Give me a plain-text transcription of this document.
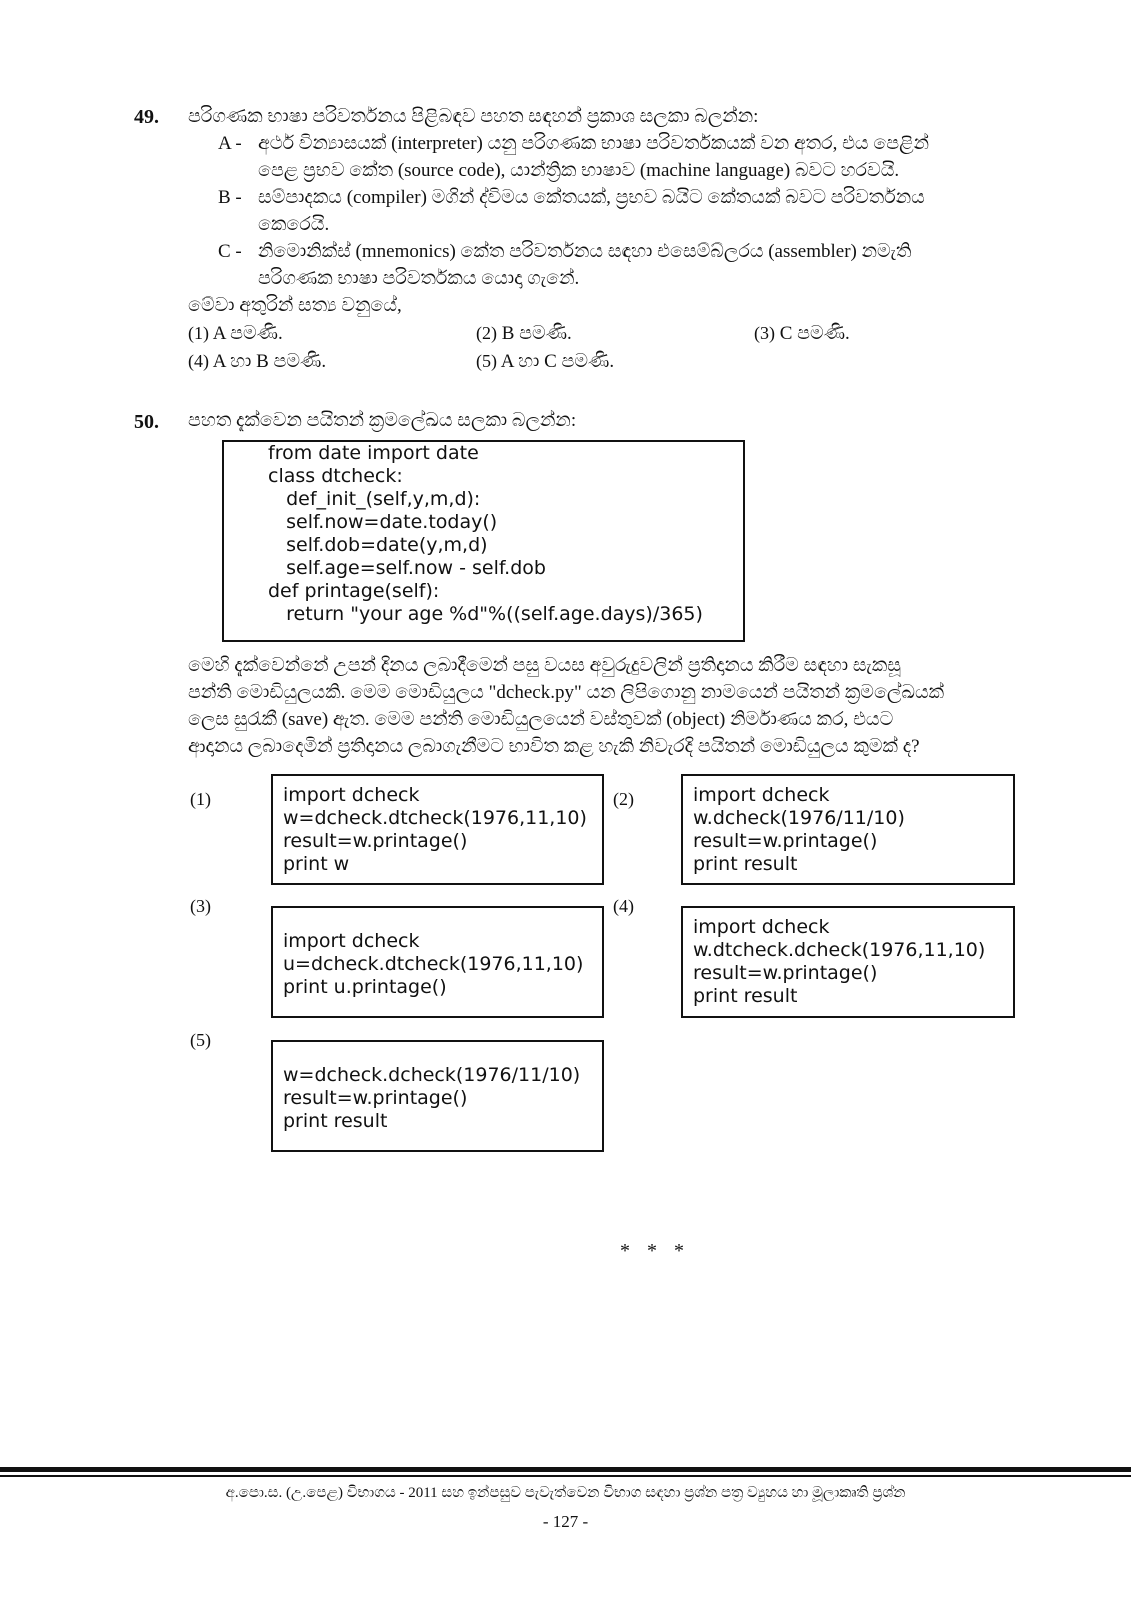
49. පරිගණක භාෂා පරිවර්තනය පිළිබඳව පහත සඳහන් ප්‍රකාශ සලකා බලන්න:
A - අර්ථ වින්‍යාසයක් (interpreter) යනු පරිගණක භාෂා පරිවර්තකයක් වන අතර, එය පෙළින්
පෙළ ප්‍රභව කේත (source code), යාන්ත්‍රික භාෂාව (machine language) බවට හරවයි.
B - සම්පාදකය (compiler) මගින් ද්විමය කේතයක්, ප්‍රභව බයිට කේතයක් බවට පරිවර්තනය
කෙරෙයි.
C - නිමොනික්ස් (mnemonics) කේත පරිවර්තනය සඳහා එසෙම්බ්ලරය (assembler) නමැති
පරිගණක භාෂා පරිවර්තකය යොදා ගැනේ.
මේවා අතුරින් සත්‍ය වනුයේ,
(1) A පමණි.	(2) B පමණි.	(3) C පමණි.
(4) A හා B පමණි.	(5) A හා C පමණි.
50. පහත දැක්වෙන පයිතන් ක්‍රමලේඛය සලකා බලන්න:
from date import date
class dtcheck:
def_init_(self,y,m,d):
self.now=date.today()
self.dob=date(y,m,d)
self.age=self.now - self.dob
def printage(self):
return "your age %d"%((self.age.days)/365)
මෙහි දැක්වෙන්නේ උපන් දිනය ලබාදීමෙන් පසු වයස අවුරුදුවලින් ප්‍රතිදානය කිරීම සඳහා සැකසූ
පන්ති මොඩියුලයකි. මෙම මොඩියුලය "dcheck.py" යන ලිපිගොනු නාමයෙන් පයිතන් ක්‍රමලේඛයක්
ලෙස සුරැකී (save) ඇත. මෙම පන්ති මොඩියුලයෙන් වස්තුවක් (object) නිර්මාණය කර, එයට
ආදානය ලබාදෙමින් ප්‍රතිදානය ලබාගැනීමට භාවිත කළ හැකි නිවැරදි පයිතන් මොඩියුලය කුමක් ද?
(1)	import dcheck
w=dcheck.dtcheck(1976,11,10)
result=w.printage()
print w
(2)	import dcheck
w.dcheck(1976/11/10)
result=w.printage()
print result
(3)
import dcheck
u=dcheck.dtcheck(1976,11,10)
print u.printage()
(4)
import dcheck
w.dtcheck.dcheck(1976,11,10)
result=w.printage()
print result
(5)
w=dcheck.dcheck(1976/11/10)
result=w.printage()
print result
* * *
අ.පො.ස. (උ.පෙළ) විභාගය - 2011 සහ ඉන්පසුව පැවැත්වෙන විභාග සඳහා ප්‍රශ්න පත්‍ර ව්‍යුහය හා මූලාකෘති ප්‍රශ්න
- 127 -
